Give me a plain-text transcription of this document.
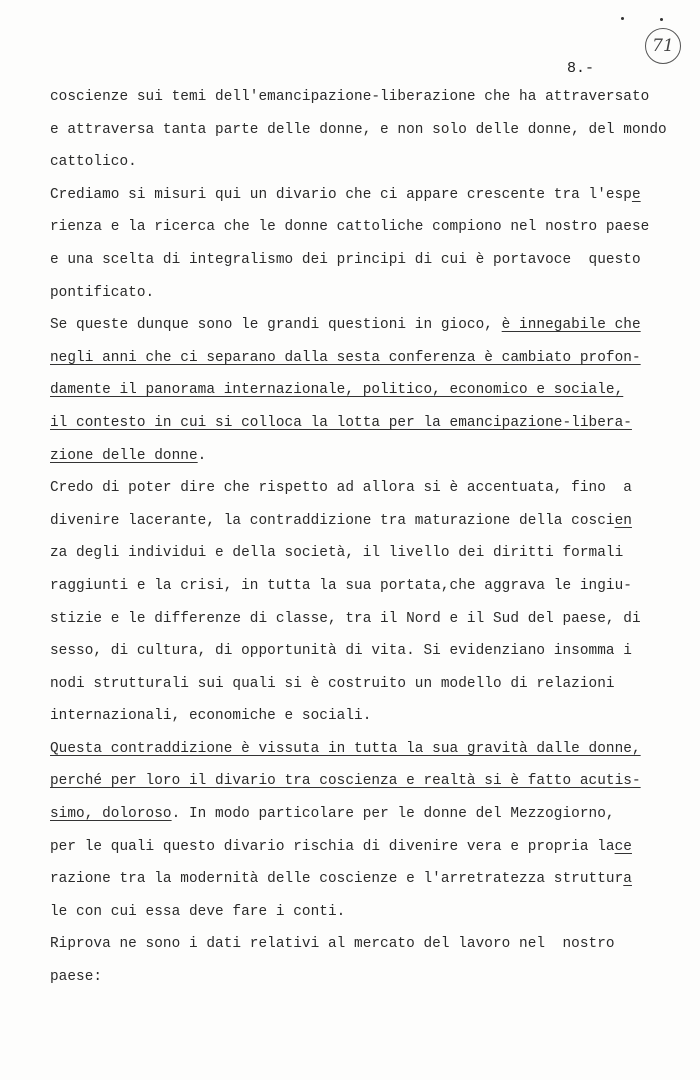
71
8.-
coscienze sui temi dell'emancipazione-liberazione che ha attraversato
e attraversa tanta parte delle donne, e non solo delle donne, del mondo
cattolico.
Crediamo si misuri qui un divario che ci appare crescente tra l'espe
rienza e la ricerca che le donne cattoliche compiono nel nostro paese
e una scelta di integralismo dei principi di cui è portavoce  questo
pontificato.
Se queste dunque sono le grandi questioni in gioco, è innegabile che
negli anni che ci separano dalla sesta conferenza è cambiato profon-
damente il panorama internazionale, politico, economico e sociale,
il contesto in cui si colloca la lotta per la emancipazione-libera-
zione delle donne.
Credo di poter dire che rispetto ad allora si è accentuata, fino  a
divenire lacerante, la contraddizione tra maturazione della coscien
za degli individui e della società, il livello dei diritti formali
raggiunti e la crisi, in tutta la sua portata,che aggrava le ingiu-
stizie e le differenze di classe, tra il Nord e il Sud del paese, di
sesso, di cultura, di opportunità di vita. Si evidenziano insomma i
nodi strutturali sui quali si è costruito un modello di relazioni
internazionali, economiche e sociali.
Questa contraddizione è vissuta in tutta la sua gravità dalle donne,
perché per loro il divario tra coscienza e realtà si è fatto acutis-
simo, doloroso. In modo particolare per le donne del Mezzogiorno,
per le quali questo divario rischia di divenire vera e propria lace
razione tra la modernità delle coscienze e l'arretratezza struttura
le con cui essa deve fare i conti.
Riprova ne sono i dati relativi al mercato del lavoro nel  nostro
paese:
